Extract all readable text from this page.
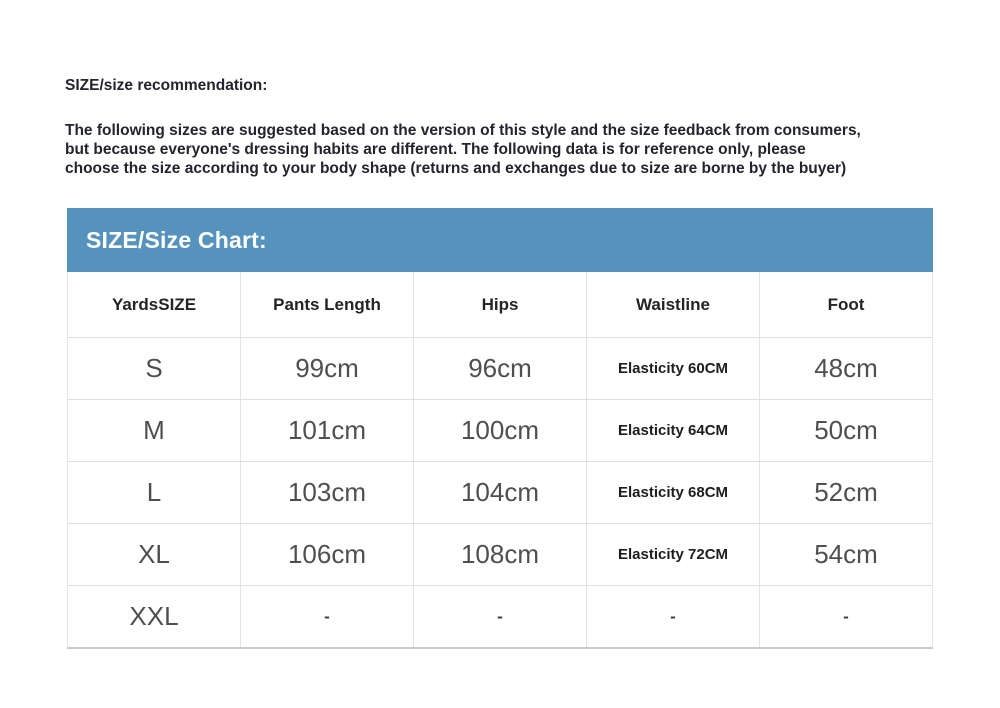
SIZE/size recommendation:
The following sizes are suggested based on the version of this style and the size feedback from consumers,
but because everyone's dressing habits are different. The following data is for reference only, please
choose the size according to your body shape (returns and exchanges due to size are borne by the buyer)
SIZE/Size Chart:
YardsSIZE	Pants Length	Hips	Waistline	Foot
S	99cm	96cm	Elasticity 60CM	48cm
M	101cm	100cm	Elasticity 64CM	50cm
L	103cm	104cm	Elasticity 68CM	52cm
XL	106cm	108cm	Elasticity 72CM	54cm
XXL	-	-	-	-
